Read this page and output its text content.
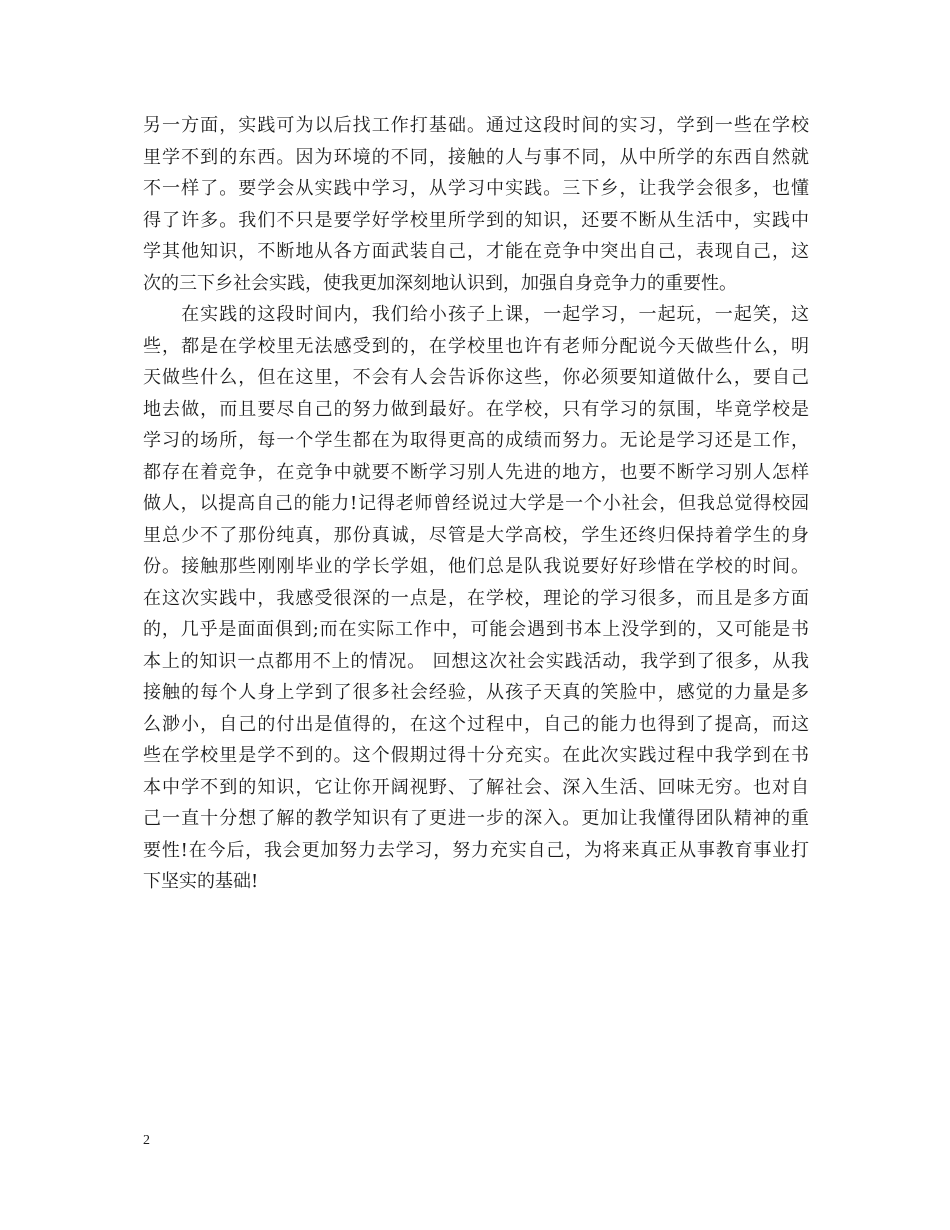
另一方面，实践可为以后找工作打基础。通过这段时间的实习，学到一些在学校
里学不到的东西。因为环境的不同，接触的人与事不同，从中所学的东西自然就
不一样了。要学会从实践中学习，从学习中实践。三下乡，让我学会很多，也懂
得了许多。我们不只是要学好学校里所学到的知识，还要不断从生活中，实践中
学其他知识，不断地从各方面武装自己，才能在竞争中突出自己，表现自己，这
次的三下乡社会实践，使我更加深刻地认识到，加强自身竞争力的重要性。
　　在实践的这段时间内，我们给小孩子上课，一起学习，一起玩，一起笑，这
些，都是在学校里无法感受到的，在学校里也许有老师分配说今天做些什么，明
天做些什么，但在这里，不会有人会告诉你这些，你必须要知道做什么，要自己
地去做，而且要尽自己的努力做到最好。在学校，只有学习的氛围，毕竟学校是
学习的场所，每一个学生都在为取得更高的成绩而努力。无论是学习还是工作，
都存在着竞争，在竞争中就要不断学习别人先进的地方，也要不断学习别人怎样
做人，以提高自己的能力!记得老师曾经说过大学是一个小社会，但我总觉得校园
里总少不了那份纯真，那份真诚，尽管是大学高校，学生还终归保持着学生的身
份。接触那些刚刚毕业的学长学姐，他们总是队我说要好好珍惜在学校的时间。
在这次实践中，我感受很深的一点是，在学校，理论的学习很多，而且是多方面
的，几乎是面面俱到;而在实际工作中，可能会遇到书本上没学到的，又可能是书
本上的知识一点都用不上的情况。 回想这次社会实践活动，我学到了很多，从我
接触的每个人身上学到了很多社会经验，从孩子天真的笑脸中，感觉的力量是多
么渺小，自己的付出是值得的，在这个过程中，自己的能力也得到了提高，而这
些在学校里是学不到的。这个假期过得十分充实。在此次实践过程中我学到在书
本中学不到的知识，它让你开阔视野、了解社会、深入生活、回味无穷。也对自
己一直十分想了解的教学知识有了更进一步的深入。更加让我懂得团队精神的重
要性!在今后，我会更加努力去学习，努力充实自己，为将来真正从事教育事业打
下坚实的基础!
2
